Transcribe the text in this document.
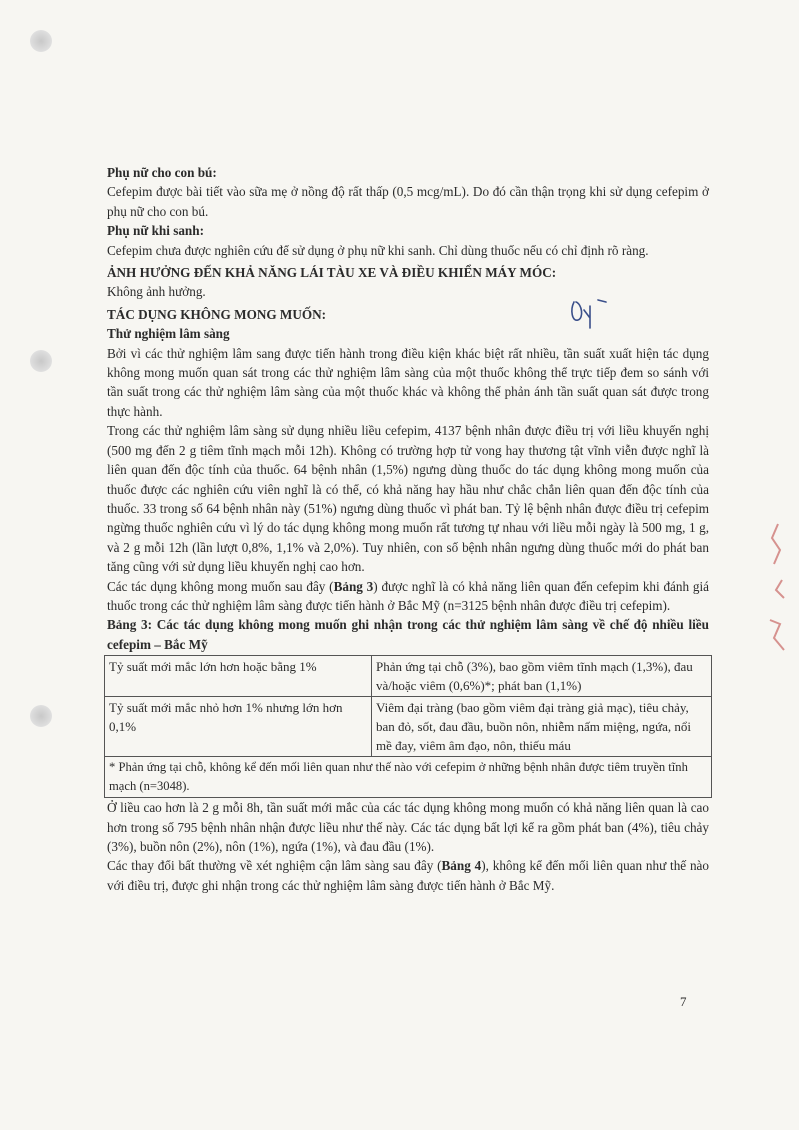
Phụ nữ cho con bú:

Cefepim được bài tiết vào sữa mẹ ở nồng độ rất thấp (0,5 mcg/mL). Do đó cần thận trọng khi sử dụng cefepim ở phụ nữ cho con bú.

Phụ nữ khi sanh:

Cefepim chưa được nghiên cứu để sử dụng ở phụ nữ khi sanh. Chỉ dùng thuốc nếu có chỉ định rõ ràng.

ẢNH HƯỞNG ĐẾN KHẢ NĂNG LÁI TÀU XE VÀ ĐIỀU KHIỂN MÁY MÓC:

Không ảnh hưởng.

TÁC DỤNG KHÔNG MONG MUỐN:

Thử nghiệm lâm sàng

Bởi vì các thử nghiệm lâm sang được tiến hành trong điều kiện khác biệt rất nhiều, tần suất xuất hiện tác dụng không mong muốn quan sát trong các thử nghiệm lâm sàng của một thuốc không thể trực tiếp đem so sánh với tần suất trong các thử nghiệm lâm sàng của một thuốc khác và không thể phản ánh tần suất quan sát được trong thực hành.

Trong các thử nghiệm lâm sàng sử dụng nhiều liều cefepim, 4137 bệnh nhân được điều trị với liều khuyến nghị (500 mg đến 2 g tiêm tĩnh mạch mỗi 12h). Không có trường hợp tử vong hay thương tật vĩnh viễn được nghĩ là liên quan đến độc tính của thuốc. 64 bệnh nhân (1,5%) ngưng dùng thuốc do tác dụng không mong muốn của thuốc được các nghiên cứu viên nghĩ là có thể, có khả năng hay hầu như chắc chắn liên quan đến độc tính của thuốc. 33 trong số 64 bệnh nhân này (51%) ngưng dùng thuốc vì phát ban. Tỷ lệ bệnh nhân được điều trị cefepim ngừng thuốc nghiên cứu vì lý do tác dụng không mong muốn rất tương tự nhau với liều mỗi ngày là 500 mg, 1 g, và 2 g mỗi 12h (lần lượt 0,8%, 1,1% và 2,0%). Tuy nhiên, con số bệnh nhân ngưng dùng thuốc mới do phát ban tăng cũng với sử dụng liều khuyến nghị cao hơn.

Các tác dụng không mong muốn sau đây (Bảng 3) được nghĩ là có khả năng liên quan đến cefepim khi đánh giá thuốc trong các thử nghiệm lâm sàng được tiến hành ở Bắc Mỹ (n=3125 bệnh nhân được điều trị cefepim).

Bảng 3: Các tác dụng không mong muốn ghi nhận trong các thử nghiệm lâm sàng về chế độ nhiều liều cefepim – Bắc Mỹ

Tỷ suất mới mắc lớn hơn hoặc bằng 1%	Phản ứng tại chỗ (3%), bao gồm viêm tĩnh mạch (1,3%), đau và/hoặc viêm (0,6%)*; phát ban (1,1%)
Tỷ suất mới mắc nhỏ hơn 1% nhưng lớn hơn 0,1%	Viêm đại tràng (bao gồm viêm đại tràng giả mạc), tiêu chảy, ban đỏ, sốt, đau đầu, buồn nôn, nhiễm nấm miệng, ngứa, nổi mề đay, viêm âm đạo, nôn, thiếu máu
* Phản ứng tại chỗ, không kể đến mối liên quan như thế nào với cefepim ở những bệnh nhân được tiêm truyền tĩnh mạch (n=3048).	

Ở liều cao hơn là 2 g mỗi 8h, tần suất mới mắc của các tác dụng không mong muốn có khả năng liên quan là cao hơn trong số 795 bệnh nhân nhận được liều như thế này. Các tác dụng bất lợi kể ra gồm phát ban (4%), tiêu chảy (3%), buồn nôn (2%), nôn (1%), ngứa (1%), và đau đầu (1%).

Các thay đổi bất thường về xét nghiệm cận lâm sàng sau đây (Bảng 4), không kể đến mối liên quan như thế nào với điều trị, được ghi nhận trong các thử nghiệm lâm sàng được tiến hành ở Bắc Mỹ.

7
